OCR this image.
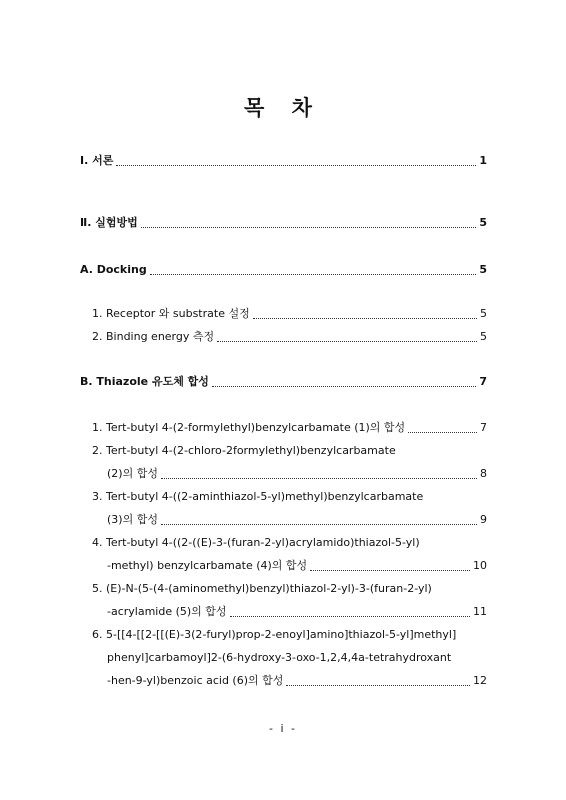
목 차
Ⅰ. 서론	1
Ⅱ. 실험방법	5
A. Docking	5
1. Receptor 와 substrate 설정	5
2. Binding energy 측정	5
B. Thiazole 유도체 합성	7
1. Tert-butyl 4-(2-formylethyl)benzylcarbamate (1)의 합성	7
2. Tert-butyl 4-(2-chloro-2formylethyl)benzylcarbamate
(2)의 합성	8
3. Tert-butyl 4-((2-aminthiazol-5-yl)methyl)benzylcarbamate
(3)의 합성	9
4. Tert-butyl 4-((2-((E)-3-(furan-2-yl)acrylamido)thiazol-5-yl)
-methyl) benzylcarbamate (4)의 합성	10
5. (E)-N-(5-(4-(aminomethyl)benzyl)thiazol-2-yl)-3-(furan-2-yl)
-acrylamide (5)의 합성	11
6. 5-[[4-[[2-[[(E)-3(2-furyl)prop-2-enoyl]amino]thiazol-5-yl]methyl]
phenyl]carbamoyl]2-(6-hydroxy-3-oxo-1,2,4,4a-tetrahydroxant
-hen-9-yl)benzoic acid (6)의 합성	12
- i -
